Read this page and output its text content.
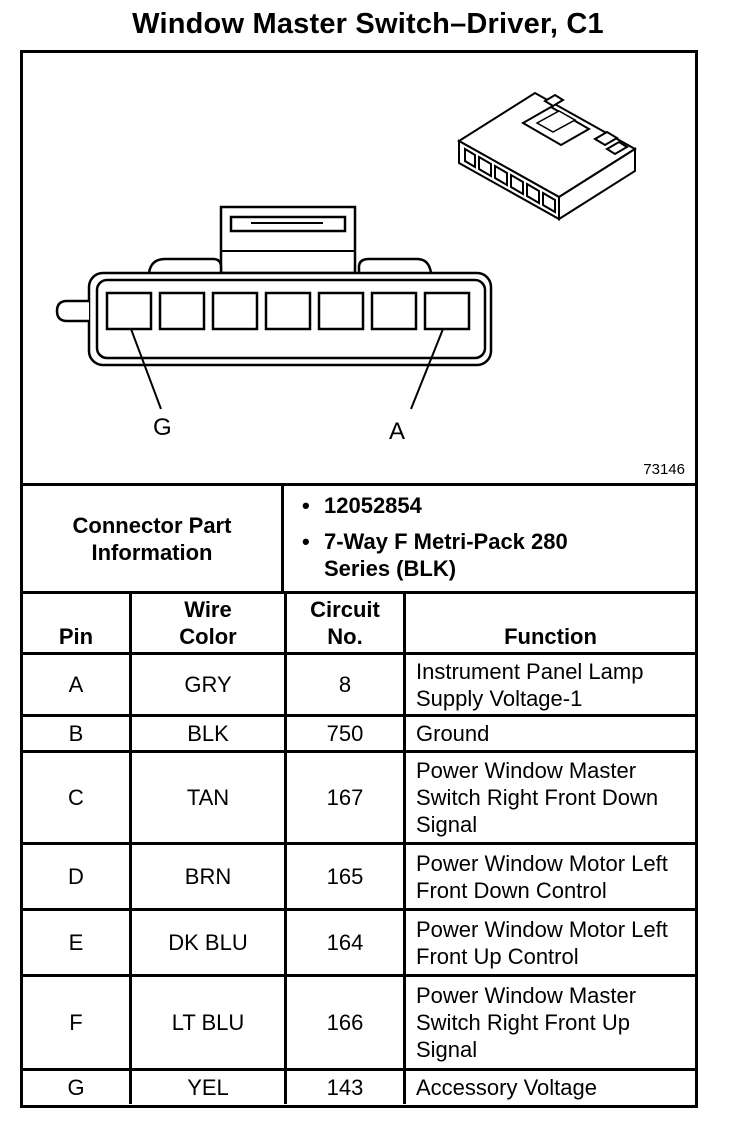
Window Master Switch–Driver, C1
G	A
73146
Connector Part Information	
• 12052854
• 7-Way F Metri-Pack 280 Series (BLK)
Pin	Wire Color	Circuit No.	Function
A	GRY	8	Instrument Panel Lamp Supply Voltage-1
B	BLK	750	Ground
C	TAN	167	Power Window Master Switch Right Front Down Signal
D	BRN	165	Power Window Motor Left Front Down Control
E	DK BLU	164	Power Window Motor Left Front Up Control
F	LT BLU	166	Power Window Master Switch Right Front Up Signal
G	YEL	143	Accessory Voltage
